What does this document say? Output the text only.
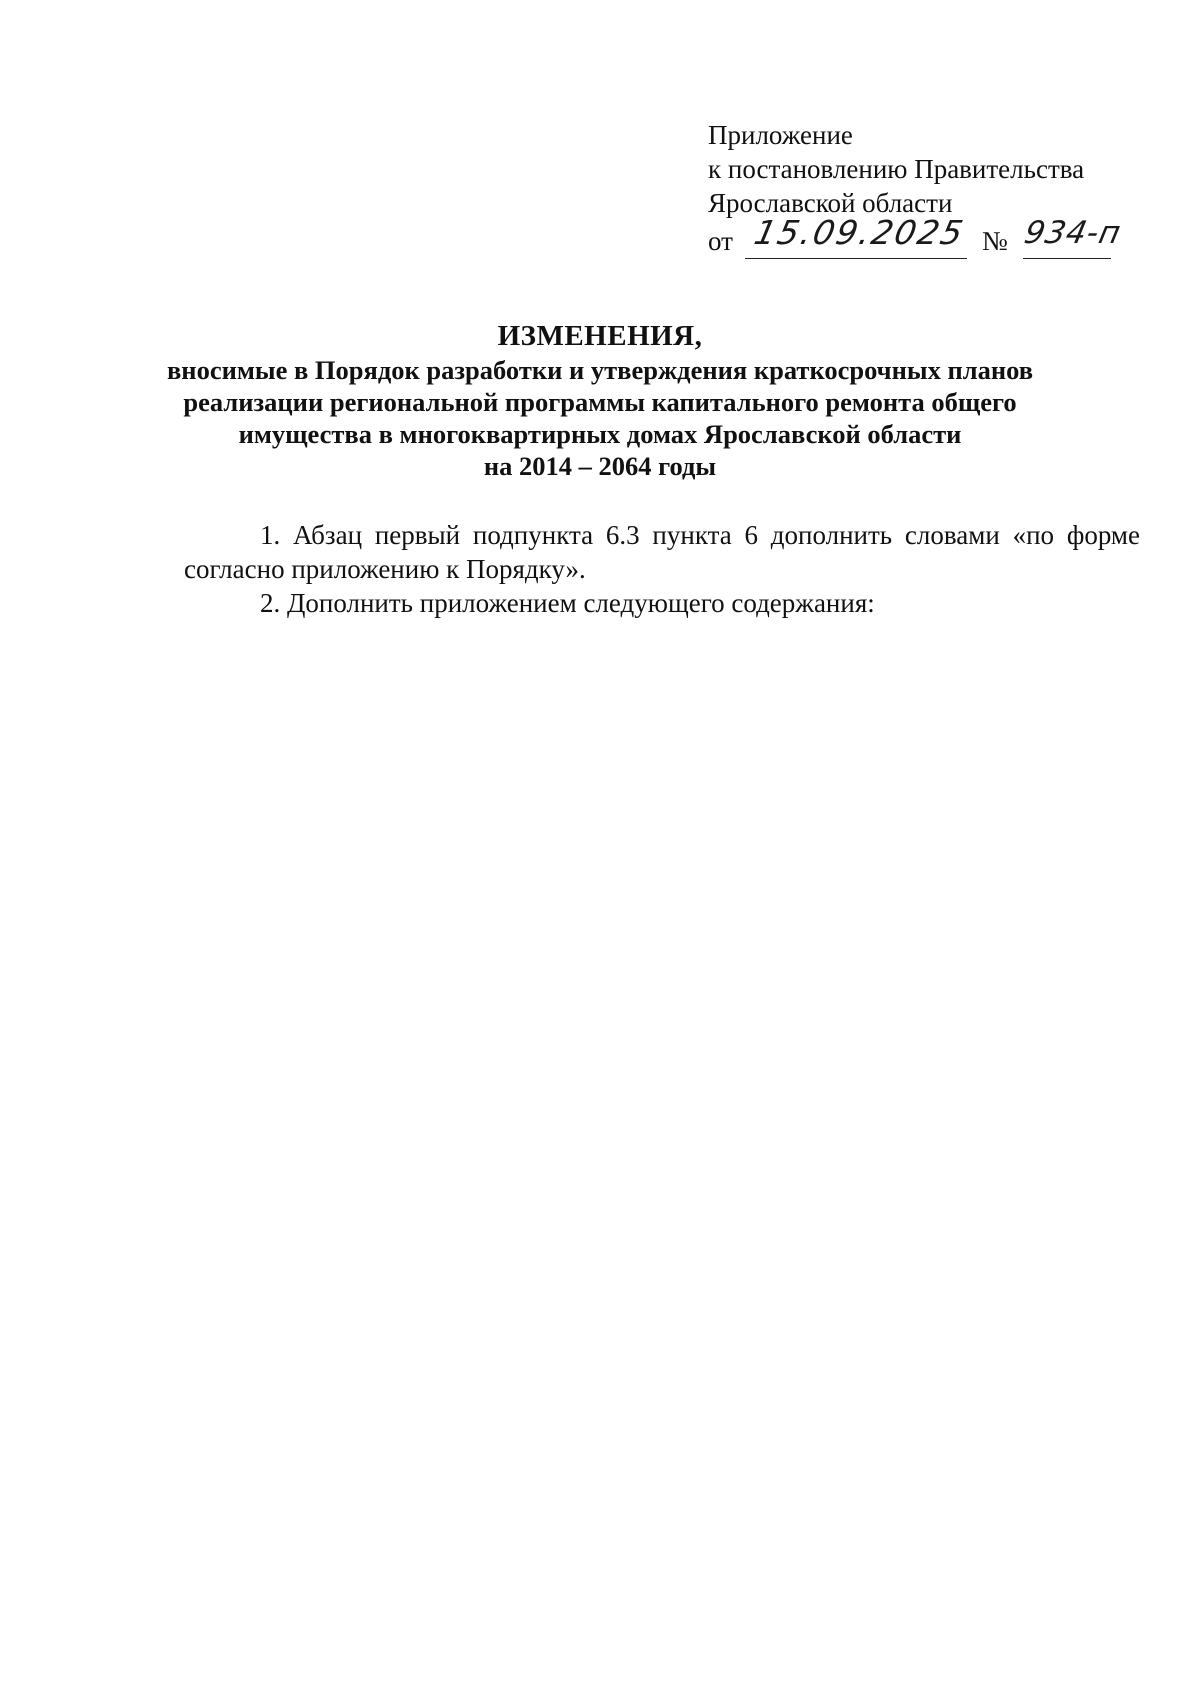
Приложение
к постановлению Правительства
Ярославской области
от 15.09.2025 № 934-п
ИЗМЕНЕНИЯ,
вносимые в Порядок разработки и утверждения краткосрочных планов
реализации региональной программы капитального ремонта общего
имущества в многоквартирных домах Ярославской области
на 2014 – 2064 годы
1. Абзац первый подпункта 6.3 пункта 6 дополнить словами «по форме
согласно приложению к Порядку».
2. Дополнить приложением следующего содержания:
